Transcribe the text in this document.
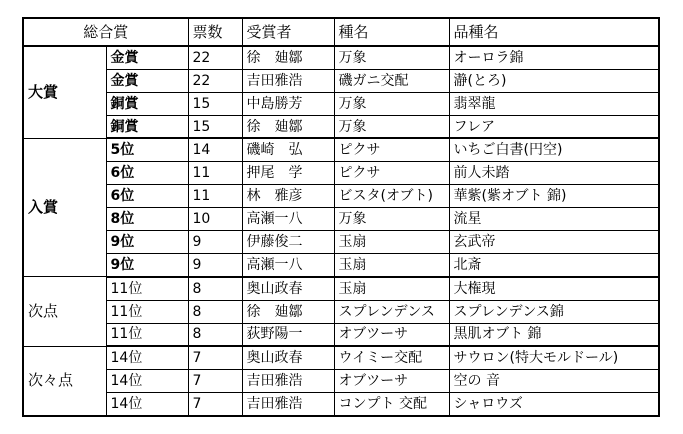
総合賞		票数	受賞者	種名	品種名
大賞	金賞	22	徐　廸鄒	万象	オーロラ錦
	金賞	22	吉田雅浩	磯ガニ交配	瀞(とろ)
	銅賞	15	中島勝芳	万象	翡翠龍
	銅賞	15	徐　廸鄒	万象	フレア
入賞	5位	14	磯崎　弘	ピクサ	いちご白書(円空)
	6位	11	押尾　学	ピクサ	前人未踏
	6位	11	林　雅彦	ビスタ(オブト)	華紫(紫オブト 錦)
	8位	10	高瀬一八	万象	流星
	9位	9	伊藤俊二	玉扇	玄武帝
	9位	9	高瀬一八	玉扇	北斎
次点	11位	8	奥山政春	玉扇	大権現
	11位	8	徐　廸鄒	スプレンデンス	スプレンデンス錦
	11位	8	荻野陽一	オブツーサ	黒肌オブト 錦
次々点	14位	7	奥山政春	ウイミー交配	サウロン(特大モルドール)
	14位	7	吉田雅浩	オブツーサ	空の 音
	14位	7	吉田雅浩	コンプト 交配	シャロウズ
